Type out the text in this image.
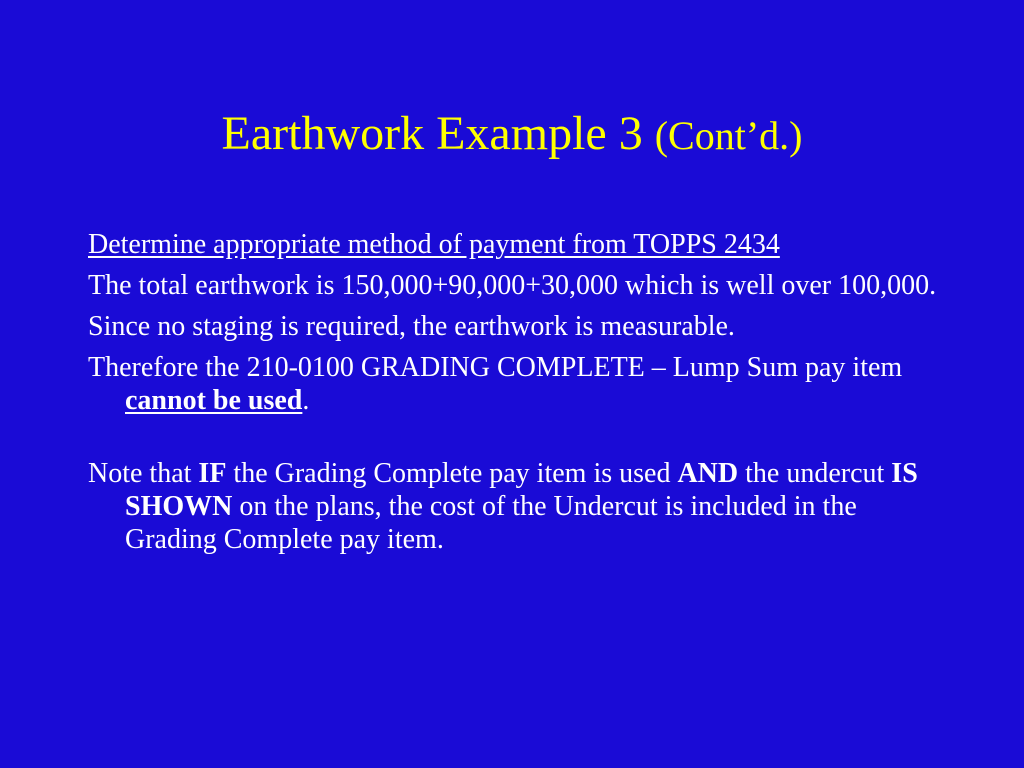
Earthwork Example 3 (Cont’d.)
Determine appropriate method of payment from TOPPS 2434
The total earthwork is 150,000+90,000+30,000 which is well over 100,000.
Since no staging is required, the earthwork is measurable.
Therefore the 210-0100 GRADING COMPLETE – Lump Sum pay item cannot be used.
Note that IF the Grading Complete pay item is used AND the undercut IS SHOWN on the plans, the cost of the Undercut is included in the Grading Complete pay item.
